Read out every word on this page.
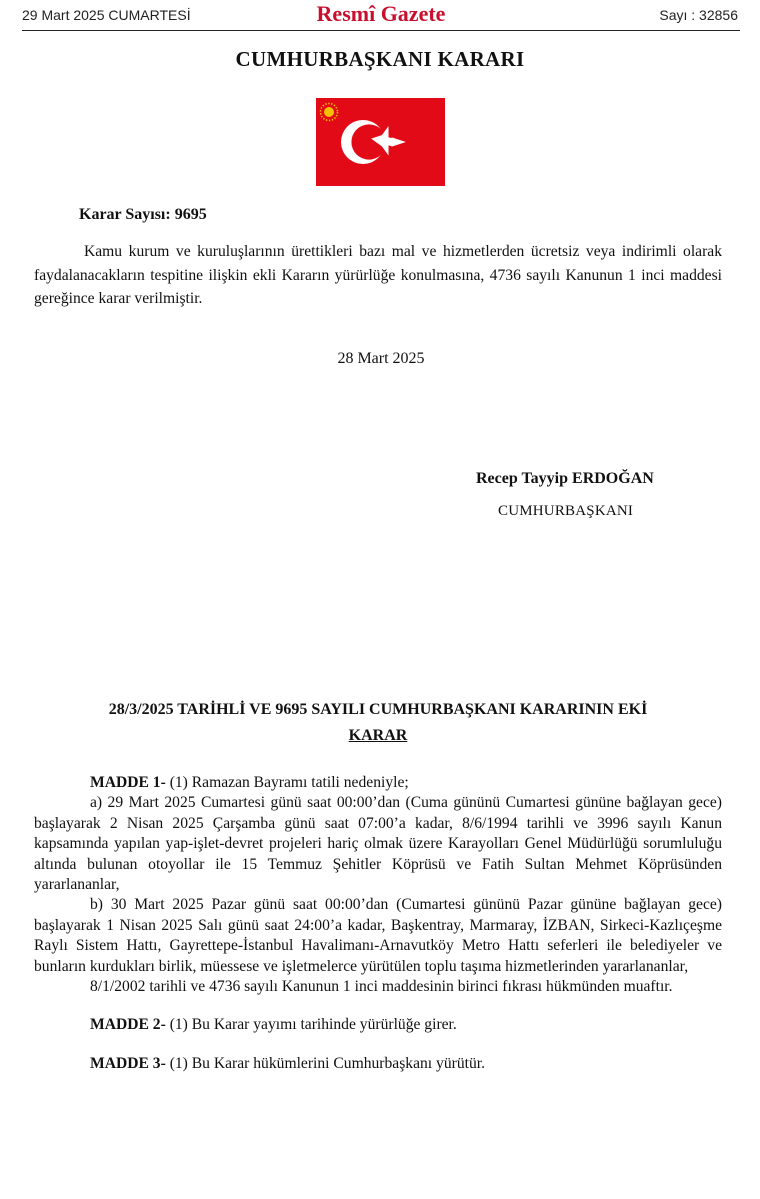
29 Mart 2025 CUMARTESİ	Resmî Gazete	Sayı : 32856
CUMHURBAŞKANI KARARI
Karar Sayısı: 9695
Kamu kurum ve kuruluşlarının ürettikleri bazı mal ve hizmetlerden ücretsiz veya indirimli olarak faydalanacakların tespitine ilişkin ekli Kararın yürürlüğe konulmasına, 4736 sayılı Kanunun 1 inci maddesi gereğince karar verilmiştir.
28 Mart 2025
Recep Tayyip ERDOĞAN
CUMHURBAŞKANI
28/3/2025 TARİHLİ VE 9695 SAYILI CUMHURBAŞKANI KARARININ EKİ
KARAR

MADDE 1- (1) Ramazan Bayramı tatili nedeniyle;

a) 29 Mart 2025 Cumartesi günü saat 00:00’dan (Cuma gününü Cumartesi gününe bağlayan gece) başlayarak 2 Nisan 2025 Çarşamba günü saat 07:00’a kadar, 8/6/1994 tarihli ve 3996 sayılı Kanun kapsamında yapılan yap-işlet-devret projeleri hariç olmak üzere Karayolları Genel Müdürlüğü sorumluluğu altında bulunan otoyollar ile 15 Temmuz Şehitler Köprüsü ve Fatih Sultan Mehmet Köprüsünden yararlananlar,

b) 30 Mart 2025 Pazar günü saat 00:00’dan (Cumartesi gününü Pazar gününe bağlayan gece) başlayarak 1 Nisan 2025 Salı günü saat 24:00’a kadar, Başkentray, Marmaray, İZBAN, Sirkeci-Kazlıçeşme Raylı Sistem Hattı, Gayrettepe-İstanbul Havalimanı-Arnavutköy Metro Hattı seferleri ile belediyeler ve bunların kurdukları birlik, müessese ve işletmelerce yürütülen toplu taşıma hizmetlerinden yararlananlar,

8/1/2002 tarihli ve 4736 sayılı Kanunun 1 inci maddesinin birinci fıkrası hükmünden muaftır.

MADDE 2- (1) Bu Karar yayımı tarihinde yürürlüğe girer.

MADDE 3- (1) Bu Karar hükümlerini Cumhurbaşkanı yürütür.
